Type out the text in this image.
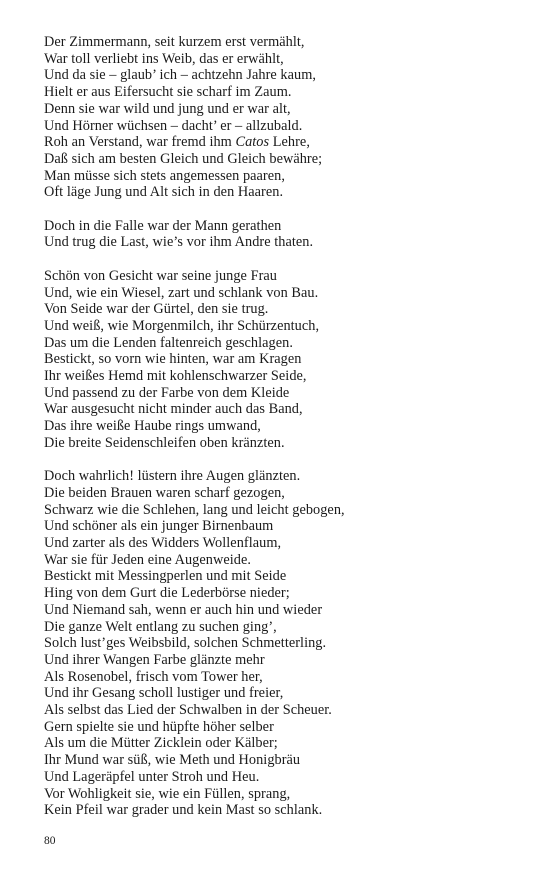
Der Zimmermann, seit kurzem erst vermählt,
War toll verliebt ins Weib, das er erwählt,
Und da sie – glaub’ ich – achtzehn Jahre kaum,
Hielt er aus Eifersucht sie scharf im Zaum.
Denn sie war wild und jung und er war alt,
Und Hörner wüchsen – dacht’ er – allzubald.
Roh an Verstand, war fremd ihm Catos Lehre,
Daß sich am besten Gleich und Gleich bewähre;
Man müsse sich stets angemessen paaren,
Oft läge Jung und Alt sich in den Haaren.
Doch in die Falle war der Mann gerathen
Und trug die Last, wie’s vor ihm Andre thaten.
Schön von Gesicht war seine junge Frau
Und, wie ein Wiesel, zart und schlank von Bau.
Von Seide war der Gürtel, den sie trug.
Und weiß, wie Morgenmilch, ihr Schürzentuch,
Das um die Lenden faltenreich geschlagen.
Bestickt, so vorn wie hinten, war am Kragen
Ihr weißes Hemd mit kohlenschwarzer Seide,
Und passend zu der Farbe von dem Kleide
War ausgesucht nicht minder auch das Band,
Das ihre weiße Haube rings umwand,
Die breite Seidenschleifen oben kränzten.
Doch wahrlich! lüstern ihre Augen glänzten.
Die beiden Brauen waren scharf gezogen,
Schwarz wie die Schlehen, lang und leicht gebogen,
Und schöner als ein junger Birnenbaum
Und zarter als des Widders Wollenflaum,
War sie für Jeden eine Augenweide.
Bestickt mit Messingperlen und mit Seide
Hing von dem Gurt die Lederbörse nieder;
Und Niemand sah, wenn er auch hin und wieder
Die ganze Welt entlang zu suchen ging’,
Solch lust’ges Weibsbild, solchen Schmetterling.
Und ihrer Wangen Farbe glänzte mehr
Als Rosenobel, frisch vom Tower her,
Und ihr Gesang scholl lustiger und freier,
Als selbst das Lied der Schwalben in der Scheuer.
Gern spielte sie und hüpfte höher selber
Als um die Mütter Zicklein oder Kälber;
Ihr Mund war süß, wie Meth und Honigbräu
Und Lageräpfel unter Stroh und Heu.
Vor Wohligkeit sie, wie ein Füllen, sprang,
Kein Pfeil war grader und kein Mast so schlank.
80
